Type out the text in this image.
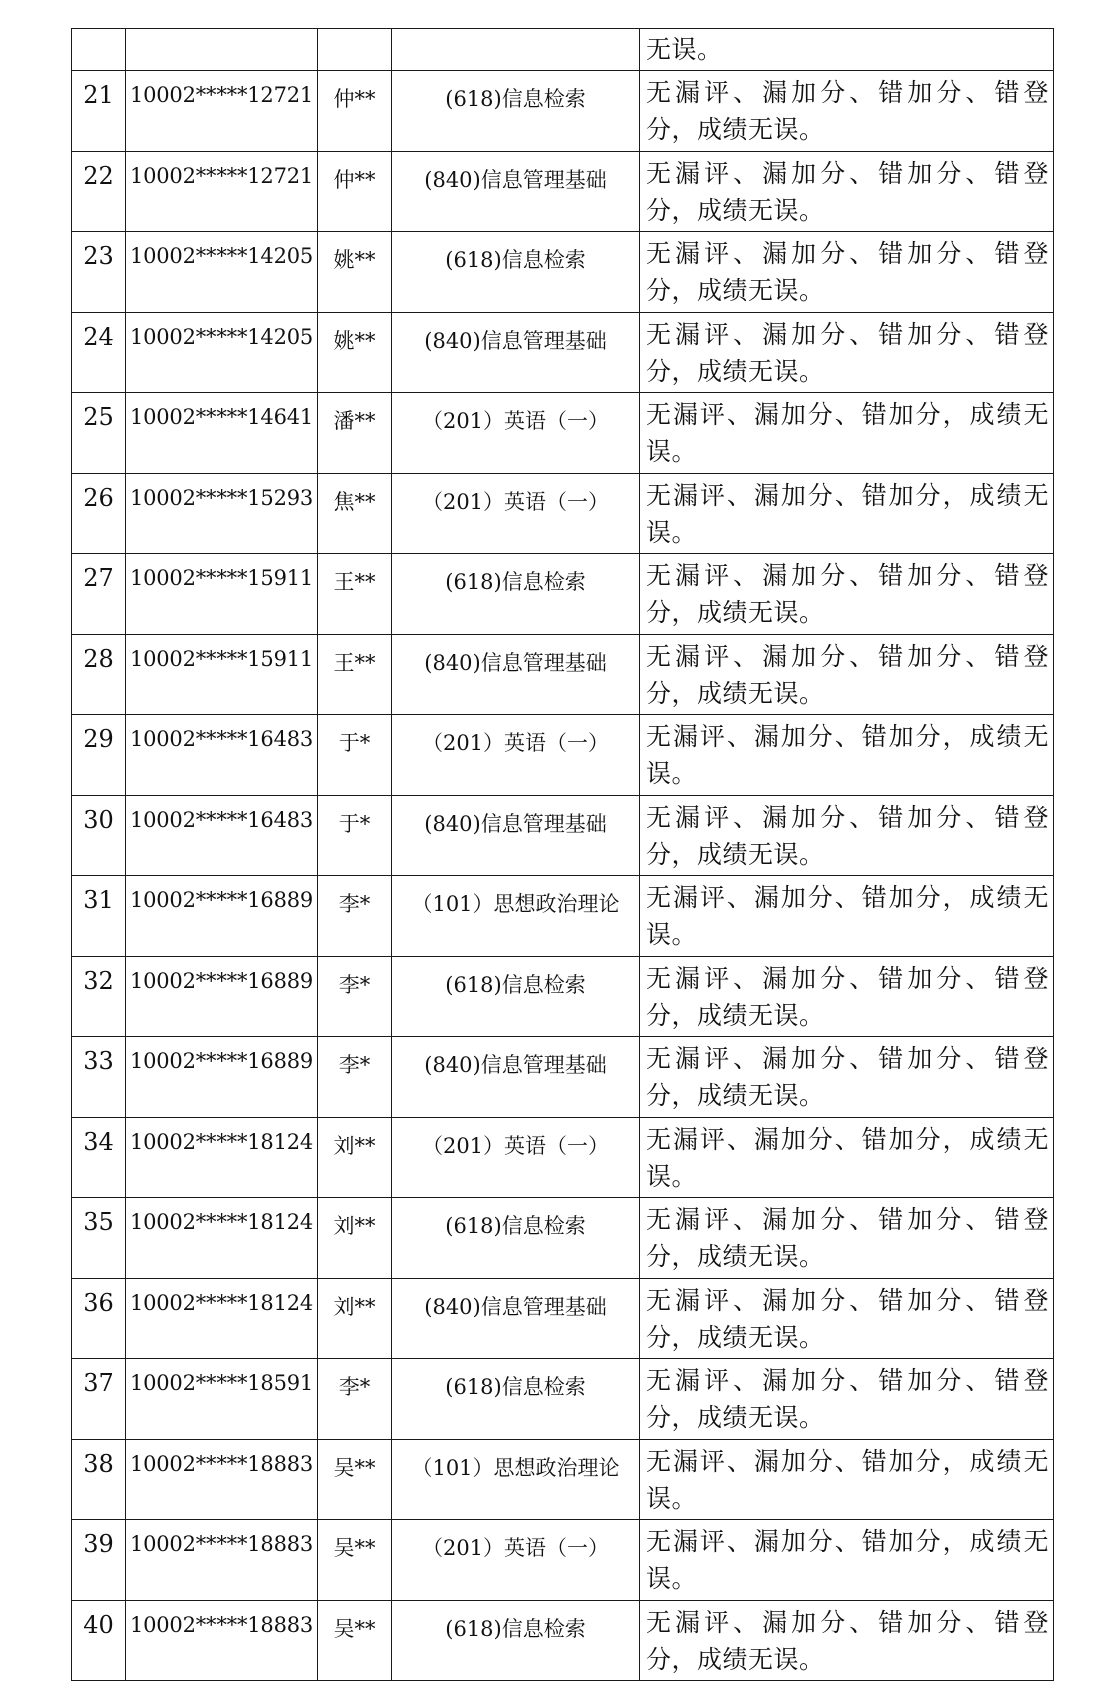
				无误。
21	10002*****12721	仲**	(618)信息检索	无漏评、漏加分、错加分、错登分，成绩无误。
22	10002*****12721	仲**	(840)信息管理基础	无漏评、漏加分、错加分、错登分，成绩无误。
23	10002*****14205	姚**	(618)信息检索	无漏评、漏加分、错加分、错登分，成绩无误。
24	10002*****14205	姚**	(840)信息管理基础	无漏评、漏加分、错加分、错登分，成绩无误。
25	10002*****14641	潘**	（201）英语（一）	无漏评、漏加分、错加分，成绩无误。
26	10002*****15293	焦**	（201）英语（一）	无漏评、漏加分、错加分，成绩无误。
27	10002*****15911	王**	(618)信息检索	无漏评、漏加分、错加分、错登分，成绩无误。
28	10002*****15911	王**	(840)信息管理基础	无漏评、漏加分、错加分、错登分，成绩无误。
29	10002*****16483	于*	（201）英语（一）	无漏评、漏加分、错加分，成绩无误。
30	10002*****16483	于*	(840)信息管理基础	无漏评、漏加分、错加分、错登分，成绩无误。
31	10002*****16889	李*	（101）思想政治理论	无漏评、漏加分、错加分，成绩无误。
32	10002*****16889	李*	(618)信息检索	无漏评、漏加分、错加分、错登分，成绩无误。
33	10002*****16889	李*	(840)信息管理基础	无漏评、漏加分、错加分、错登分，成绩无误。
34	10002*****18124	刘**	（201）英语（一）	无漏评、漏加分、错加分，成绩无误。
35	10002*****18124	刘**	(618)信息检索	无漏评、漏加分、错加分、错登分，成绩无误。
36	10002*****18124	刘**	(840)信息管理基础	无漏评、漏加分、错加分、错登分，成绩无误。
37	10002*****18591	李*	(618)信息检索	无漏评、漏加分、错加分、错登分，成绩无误。
38	10002*****18883	吴**	（101）思想政治理论	无漏评、漏加分、错加分，成绩无误。
39	10002*****18883	吴**	（201）英语（一）	无漏评、漏加分、错加分，成绩无误。
40	10002*****18883	吴**	(618)信息检索	无漏评、漏加分、错加分、错登分，成绩无误。
